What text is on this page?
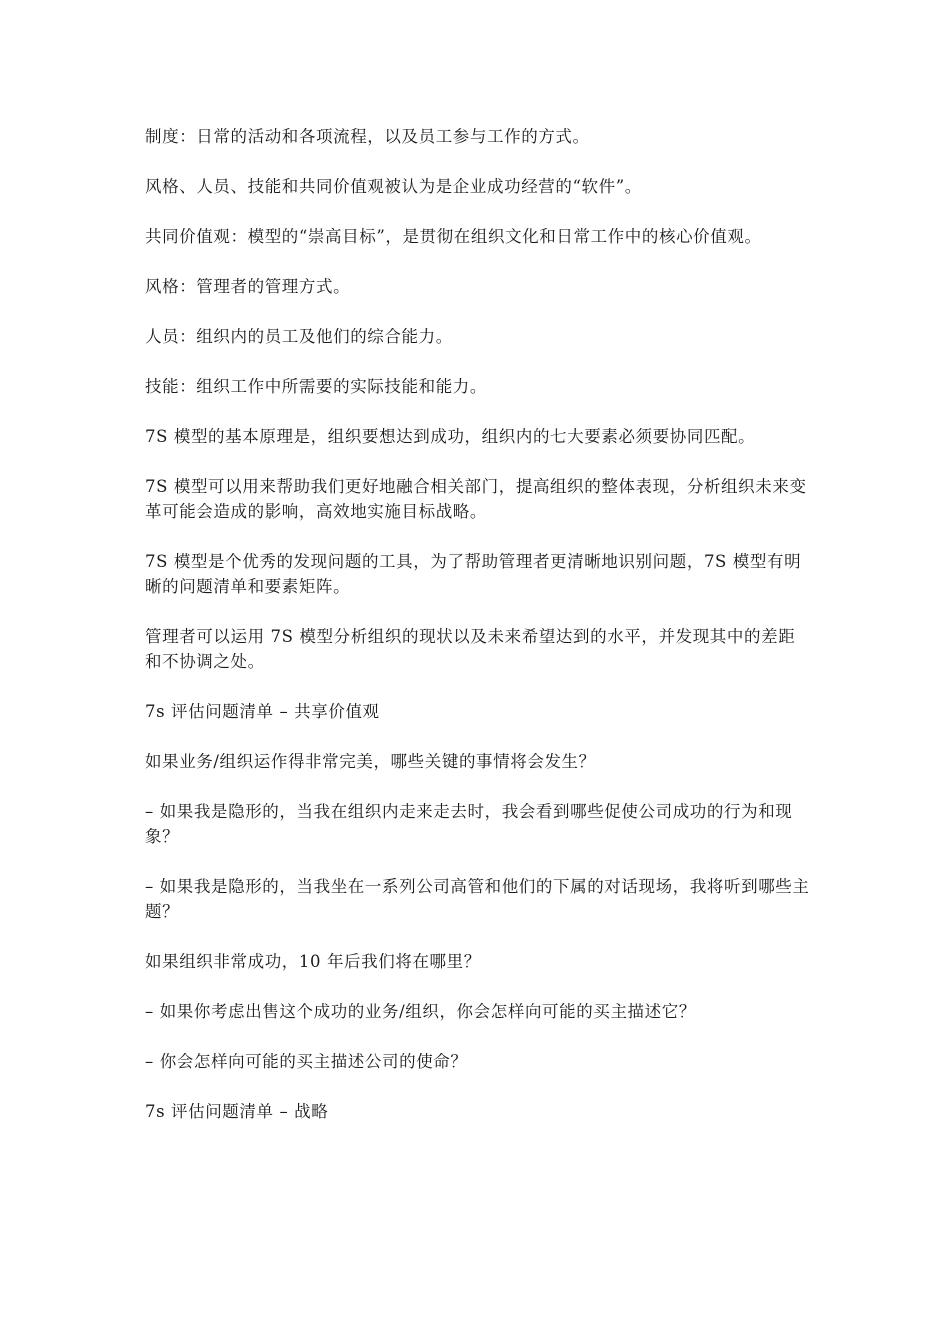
制度：日常的活动和各项流程，以及员工参与工作的方式。

风格、人员、技能和共同价值观被认为是企业成功经营的“软件”。

共同价值观：模型的“崇高目标”，是贯彻在组织文化和日常工作中的核心价值观。

风格：管理者的管理方式。

人员：组织内的员工及他们的综合能力。

技能：组织工作中所需要的实际技能和能力。

7S 模型的基本原理是，组织要想达到成功，组织内的七大要素必须要协同匹配。

7S 模型可以用来帮助我们更好地融合相关部门，提高组织的整体表现，分析组织未来变革可能会造成的影响，高效地实施目标战略。

7S 模型是个优秀的发现问题的工具，为了帮助管理者更清晰地识别问题，7S 模型有明晰的问题清单和要素矩阵。

管理者可以运用 7S 模型分析组织的现状以及未来希望达到的水平，并发现其中的差距和不协调之处。

7s 评估问题清单 – 共享价值观

如果业务/组织运作得非常完美，哪些关键的事情将会发生？

– 如果我是隐形的，当我在组织内走来走去时，我会看到哪些促使公司成功的行为和现象？

– 如果我是隐形的，当我坐在一系列公司高管和他们的下属的对话现场，我将听到哪些主题？

如果组织非常成功，10 年后我们将在哪里？

– 如果你考虑出售这个成功的业务/组织，你会怎样向可能的买主描述它？

– 你会怎样向可能的买主描述公司的使命？

7s 评估问题清单 – 战略
